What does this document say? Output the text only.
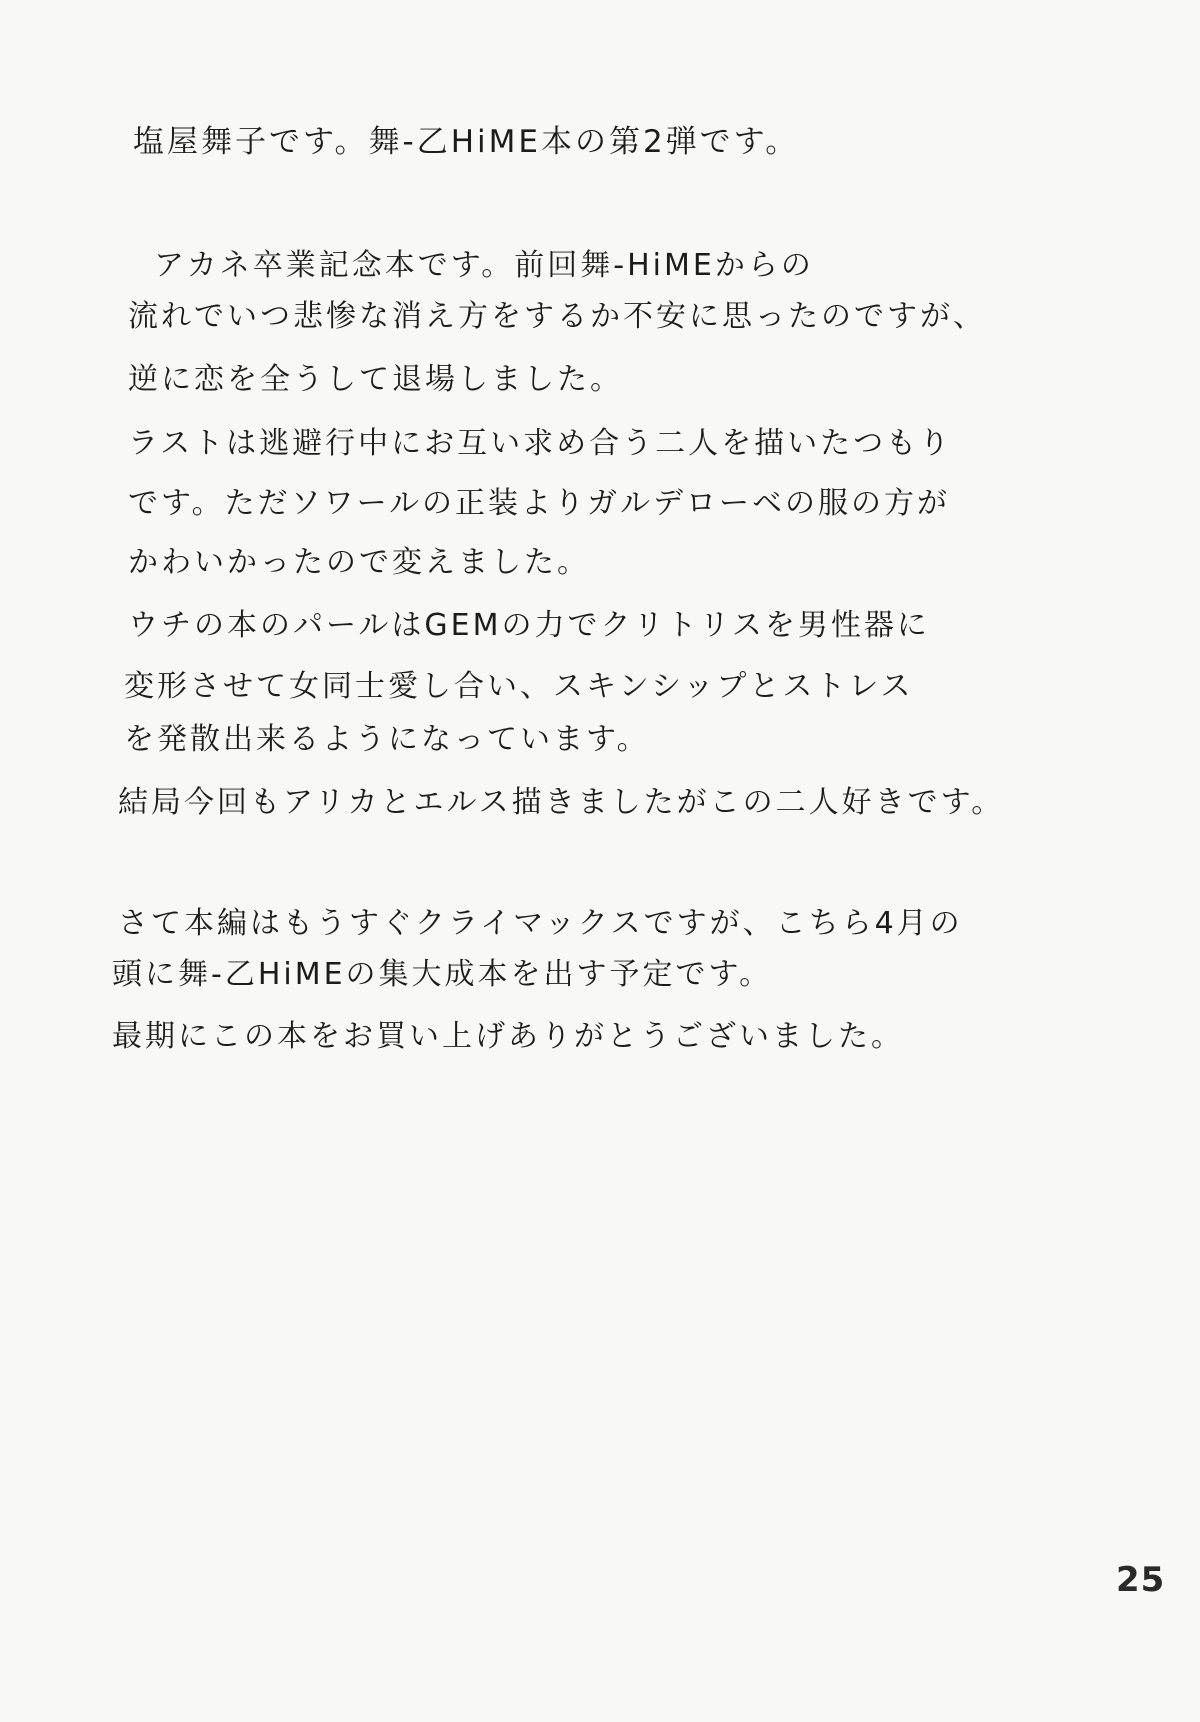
塩屋舞子です。舞-乙HiME本の第2弾です。
アカネ卒業記念本です。前回舞-HiMEからの
流れでいつ悲惨な消え方をするか不安に思ったのですが、
逆に恋を全うして退場しました。
ラストは逃避行中にお互い求め合う二人を描いたつもり
です。ただソワールの正装よりガルデローベの服の方が
かわいかったので変えました。
ウチの本のパールはGEMの力でクリトリスを男性器に
変形させて女同士愛し合い、スキンシップとストレス
を発散出来るようになっています。
結局今回もアリカとエルス描きましたがこの二人好きです。
さて本編はもうすぐクライマックスですが、こちら4月の
頭に舞-乙HiMEの集大成本を出す予定です。
最期にこの本をお買い上げありがとうございました。
25
